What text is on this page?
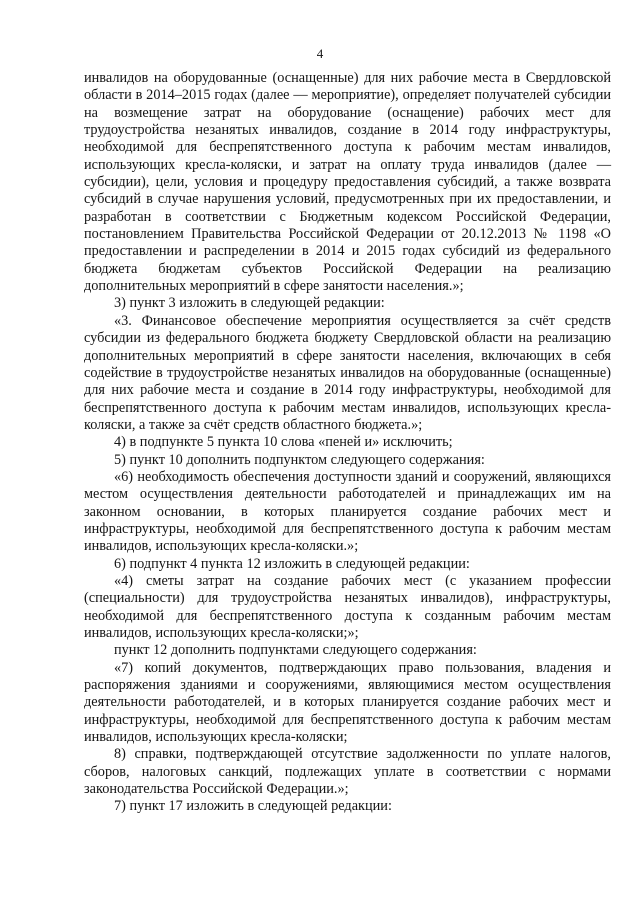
4

инвалидов на оборудованные (оснащенные) для них рабочие места в Свердловской области в 2014–2015 годах (далее — мероприятие), определяет получателей субсидии на возмещение затрат на оборудование (оснащение) рабочих мест для трудоустройства незанятых инвалидов, создание в 2014 году инфраструктуры, необходимой для беспрепятственного доступа к рабочим местам инвалидов, использующих кресла-коляски, и затрат на оплату труда инвалидов (далее — субсидии), цели, условия и процедуру предоставления субсидий, а также возврата субсидий в случае нарушения условий, предусмотренных при их предоставлении, и разработан в соответствии с Бюджетным кодексом Российской Федерации, постановлением Правительства Российской Федерации от 20.12.2013 № 1198 «О предоставлении и распределении в 2014 и 2015 годах субсидий из федерального бюджета бюджетам субъектов Российской Федерации на реализацию дополнительных мероприятий в сфере занятости населения.»;

3) пункт 3 изложить в следующей редакции:

«3. Финансовое обеспечение мероприятия осуществляется за счёт средств субсидии из федерального бюджета бюджету Свердловской области на реализацию дополнительных мероприятий в сфере занятости населения, включающих в себя содействие в трудоустройстве незанятых инвалидов на оборудованные (оснащенные) для них рабочие места и создание в 2014 году инфраструктуры, необходимой для беспрепятственного доступа к рабочим местам инвалидов, использующих кресла-коляски, а также за счёт средств областного бюджета.»;

4) в подпункте 5 пункта 10 слова «пеней и» исключить;

5) пункт 10 дополнить подпунктом следующего содержания:

«6) необходимость обеспечения доступности зданий и сооружений, являющихся местом осуществления деятельности работодателей и принадлежащих им на законном основании, в которых планируется создание рабочих мест и инфраструктуры, необходимой для беспрепятственного доступа к рабочим местам инвалидов, использующих кресла-коляски.»;

6) подпункт 4 пункта 12 изложить в следующей редакции:

«4) сметы затрат на создание рабочих мест (с указанием профессии (специальности) для трудоустройства незанятых инвалидов), инфраструктуры, необходимой для беспрепятственного доступа к созданным рабочим местам инвалидов, использующих кресла-коляски;»;

пункт 12 дополнить подпунктами следующего содержания:

«7) копий документов, подтверждающих право пользования, владения и распоряжения зданиями и сооружениями, являющимися местом осуществления деятельности работодателей, и в которых планируется создание рабочих мест и инфраструктуры, необходимой для беспрепятственного доступа к рабочим местам инвалидов, использующих кресла-коляски;

8) справки, подтверждающей отсутствие задолженности по уплате налогов, сборов, налоговых санкций, подлежащих уплате в соответствии с нормами законодательства Российской Федерации.»;

7) пункт 17 изложить в следующей редакции:
